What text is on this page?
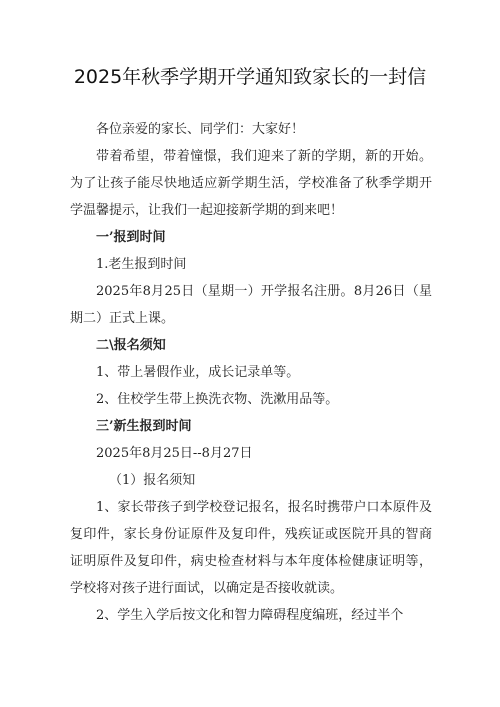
2025年秋季学期开学通知致家长的一封信

各位亲爱的家长、同学们：大家好！

带着希望，带着憧憬，我们迎来了新的学期，新的开始。为了让孩子能尽快地适应新学期生活，学校准备了秋季学期开学温馨提示，让我们一起迎接新学期的到来吧！

一’报到时间

1.老生报到时间

2025年8月25日（星期一）开学报名注册。8月26日（星期二）正式上课。

二\报名须知

1、带上暑假作业，成长记录单等。

2、住校学生带上换洗衣物、洗漱用品等。

三’新生报到时间

2025年8月25日--8月27日

（1）报名须知

1、家长带孩子到学校登记报名，报名时携带户口本原件及复印件，家长身份证原件及复印件，残疾证或医院开具的智商证明原件及复印件，病史检查材料与本年度体检健康证明等，学校将对孩子进行面试，以确定是否接收就读。

2、学生入学后按文化和智力障碍程度编班，经过半个
